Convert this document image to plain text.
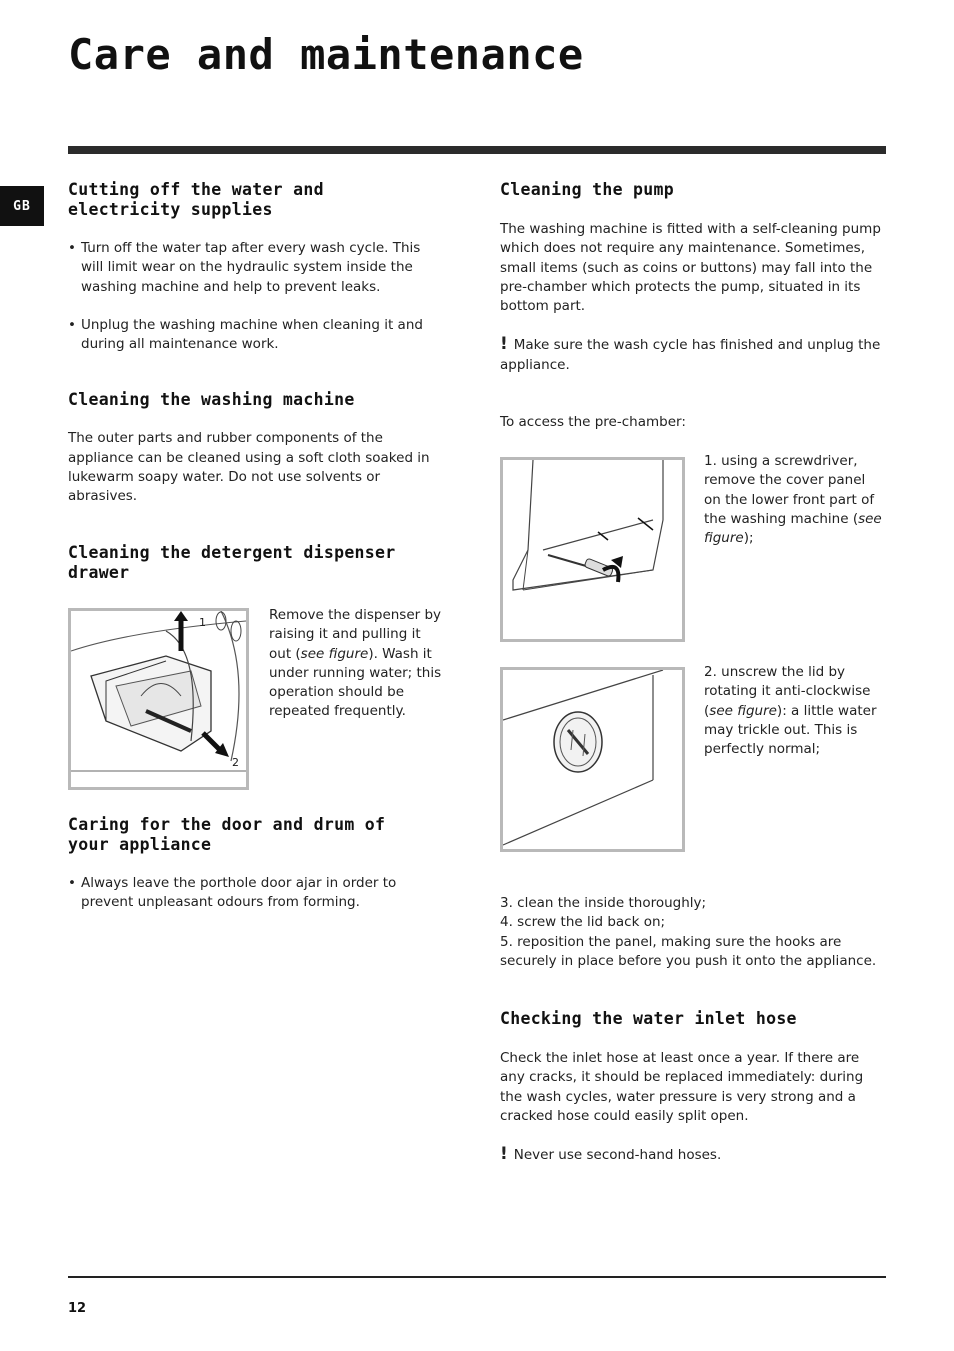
Care and maintenance
GB
Cutting off the water and electricity supplies
• Turn off the water tap after every wash cycle. This will limit wear on the hydraulic system inside the washing machine and help to prevent leaks.
• Unplug the washing machine when cleaning it and during all maintenance work.
Cleaning the washing machine

The outer parts and rubber components of the appliance can be cleaned using a soft cloth soaked in lukewarm soapy water. Do not use solvents or abrasives.

Cleaning the detergent dispenser drawer
1
2

Remove the dispenser by raising it and pulling it out (see figure). Wash it under running water; this operation should be repeated frequently.

Caring for the door and drum of your appliance
• Always leave the porthole door ajar in order to prevent unpleasant odours from forming.
Cleaning the pump

The washing machine is fitted with a self-cleaning pump which does not require any maintenance. Sometimes, small items (such as coins or buttons) may fall into the pre-chamber which protects the pump, situated in its bottom part.

! Make sure the wash cycle has finished and unplug the appliance.

To access the pre-chamber:

1. using a screwdriver, remove the cover panel on the lower front part of the washing machine (see figure);

2. unscrew the lid by rotating it anti-clockwise (see figure): a little water may trickle out. This is perfectly normal;

3. clean the inside thoroughly;

4. screw the lid back on;

5. reposition the panel, making sure the hooks are securely in place before you push it onto the appliance.

Checking the water inlet hose

Check the inlet hose at least once a year. If there are any cracks, it should be replaced immediately: during the wash cycles, water pressure is very strong and a cracked hose could easily split open.

! Never use second-hand hoses.

12
